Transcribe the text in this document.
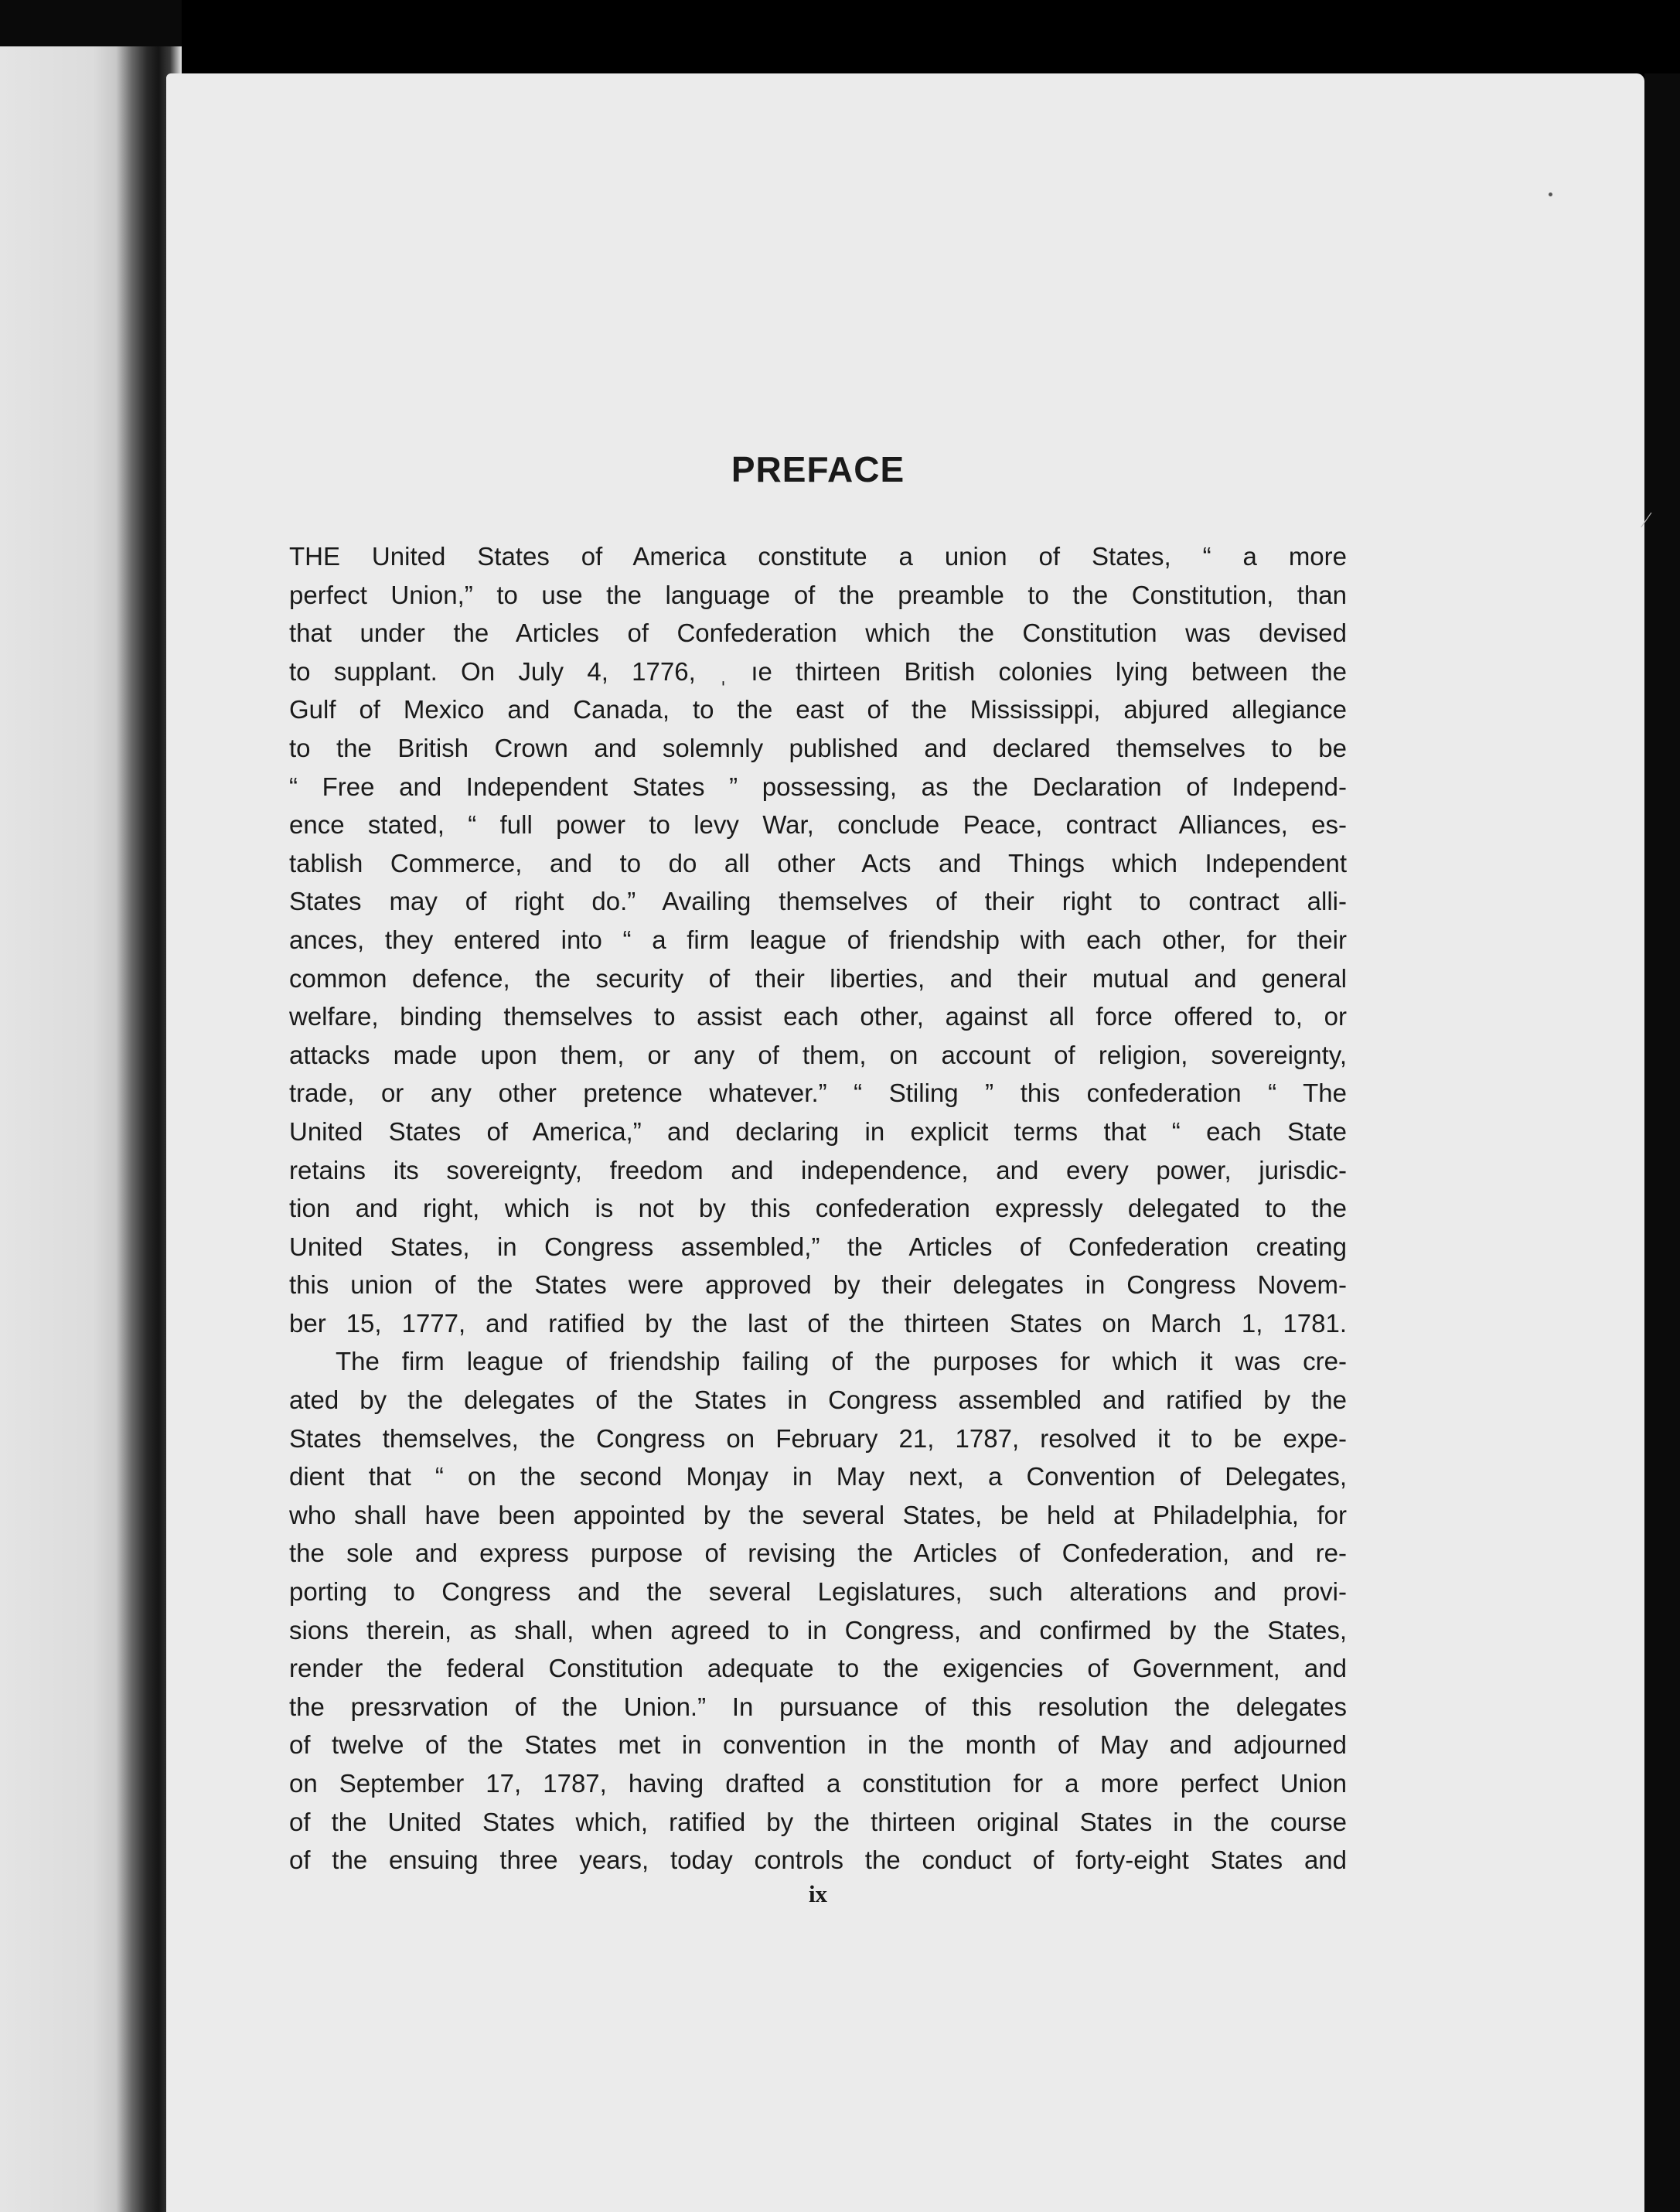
⁄
PREFACE

THE United States of America constitute a union of States, “ a more
perfect Union,” to use the language of the preamble to the Constitution, than
that under the Articles of Confederation which the Constitution was devised
to supplant. On July 4, 1776, ˌ ıe thirteen British colonies lying between the
Gulf of Mexico and Canada, to the east of the Mississippi, abjured allegiance
to the British Crown and solemnly published and declared themselves to be
“ Free and Independent States ” possessing, as the Declaration of Independ-
ence stated, “ full power to levy War, conclude Peace, contract Alliances, es-
tablish Commerce, and to do all other Acts and Things which Independent
States may of right do.” Availing themselves of their right to contract alli-
ances, they entered into “ a firm league of friendship with each other, for their
common defence, the security of their liberties, and their mutual and general
welfare, binding themselves to assist each other, against all force offered to, or
attacks made upon them, or any of them, on account of religion, sovereignty,
trade, or any other pretence whatever.” “ Stiling ” this confederation “ The
United States of America,” and declaring in explicit terms that “ each State
retains its sovereignty, freedom and independence, and every power, jurisdic-
tion and right, which is not by this confederation expressly delegated to the
United States, in Congress assembled,” the Articles of Confederation creating
this union of the States were approved by their delegates in Congress Novem-
ber 15, 1777, and ratified by the last of the thirteen States on March 1, 1781.

The firm league of friendship failing of the purposes for which it was cre-
ated by the delegates of the States in Congress assembled and ratified by the
States themselves, the Congress on February 21, 1787, resolved it to be expe-
dient that “ on the second Monȷay in May next, a Convention of Delegates,
who shall have been appointed by the several States, be held at Philadelphia, for
the sole and express purpose of revising the Articles of Confederation, and re-
porting to Congress and the several Legislatures, such alterations and provi-
sions therein, as shall, when agreed to in Congress, and confirmed by the States,
render the federal Constitution adequate to the exigencies of Government, and
the presзrvation of the Union.” In pursuance of this resolution the delegates
of twelve of the States met in convention in the month of May and adjourned
on September 17, 1787, having drafted a constitution for a more perfect Union
of the United States which, ratified by the thirteen original States in the course
of the ensuing three years, today controls the conduct of forty-eight States and

ix
